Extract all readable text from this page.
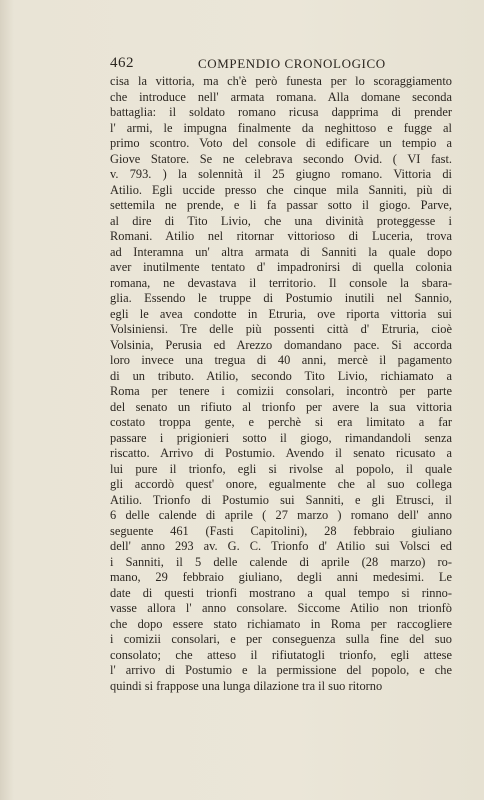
462	COMPENDIO CRONOLOGICO
cisa la vittoria, ma ch'è però funesta per lo scoraggiamento
che introduce nell' armata romana. Alla domane seconda
battaglia: il soldato romano ricusa dapprima di prender
l' armi, le impugna finalmente da neghittoso e fugge al
primo scontro. Voto del console di edificare un tempio a
Giove Statore. Se ne celebrava secondo Ovid. ( VI fast.
v. 793. ) la solennità il 25 giugno romano. Vittoria di
Atilio. Egli uccide presso che cinque mila Sanniti, più di
settemila ne prende, e li fa passar sotto il giogo. Parve,
al dire di Tito Livio, che una divinità proteggesse i
Romani. Atilio nel ritornar vittorioso di Luceria, trova
ad Interamna un' altra armata di Sanniti la quale dopo
aver inutilmente tentato d' impadronirsi di quella colonia
romana, ne devastava il territorio. Il console la sbara-
glia. Essendo le truppe di Postumio inutili nel Sannio,
egli le avea condotte in Etruria, ove riporta vittoria sui
Volsiniensi. Tre delle più possenti città d' Etruria, cioè
Volsinia, Perusia ed Arezzo domandano pace. Si accorda
loro invece una tregua di 40 anni, mercè il pagamento
di un tributo. Atilio, secondo Tito Livio, richiamato a
Roma per tenere i comizii consolari, incontrò per parte
del senato un rifiuto al trionfo per avere la sua vittoria
costato troppa gente, e perchè si era limitato a far
passare i prigionieri sotto il giogo, rimandandoli senza
riscatto. Arrivo di Postumio. Avendo il senato ricusato a
lui pure il trionfo, egli si rivolse al popolo, il quale
gli accordò quest' onore, egualmente che al suo collega
Atilio. Trionfo di Postumio sui Sanniti, e gli Etrusci, il
6 delle calende di aprile ( 27 marzo ) romano dell' anno
seguente 461 (Fasti Capitolini), 28 febbraio giuliano
dell' anno 293 av. G. C. Trionfo d' Atilio sui Volsci ed
i Sanniti, il 5 delle calende di aprile (28 marzo) ro-
mano, 29 febbraio giuliano, degli anni medesimi. Le
date di questi trionfi mostrano a qual tempo si rinno-
vasse allora l' anno consolare. Siccome Atilio non trionfò
che dopo essere stato richiamato in Roma per raccogliere
i comizii consolari, e per conseguenza sulla fine del suo
consolato; che atteso il rifiutatogli trionfo, egli attese
l' arrivo di Postumio e la permissione del popolo, e che
quindi si frappose una lunga dilazione tra il suo ritorno
